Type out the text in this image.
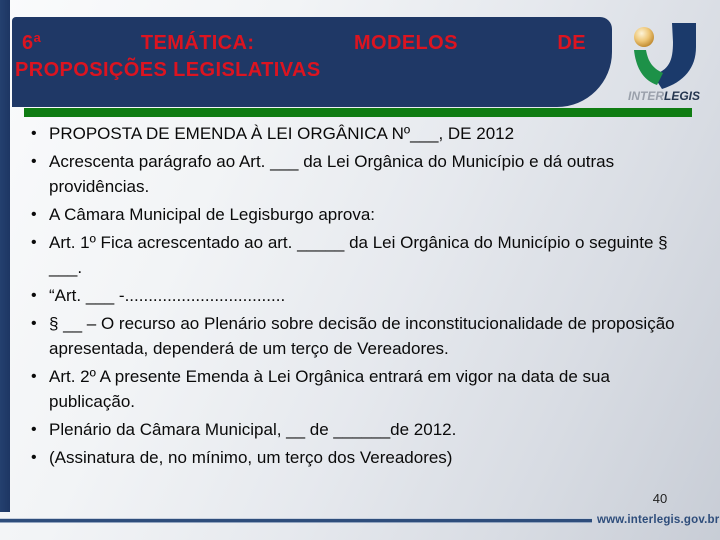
6ª	TEMÁTICA:	MODELOS	DE
PROPOSIÇÕES LEGISLATIVAS
INTERLEGIS
• PROPOSTA DE EMENDA À LEI ORGÂNICA Nº___, DE 2012
• Acrescenta parágrafo ao Art. ___ da Lei Orgânica do Município e dá outras providências.
• A Câmara Municipal de Legisburgo aprova:
• Art. 1º Fica acrescentado ao art. _____ da Lei Orgânica do Município o seguinte § ___.
• “Art. ___ -..................................
• § __ – O recurso ao Plenário sobre decisão de inconstitucionalidade de proposição apresentada, dependerá de um terço de Vereadores.
• Art. 2º A presente Emenda à Lei Orgânica entrará em vigor na data de sua publicação.
• Plenário da Câmara Municipal, __ de ______de 2012.
• (Assinatura de, no mínimo, um terço dos Vereadores)
40
www.interlegis.gov.br
